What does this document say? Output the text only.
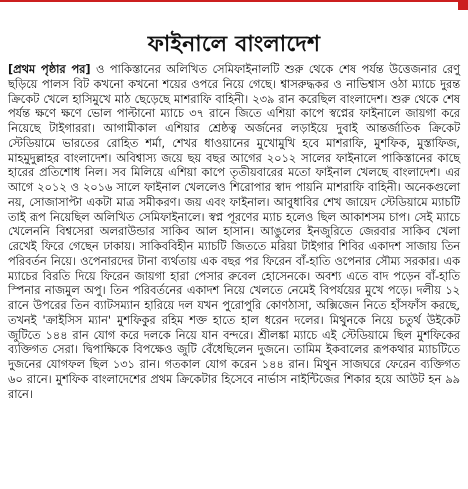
ফাইনালে বাংলাদেশ

[প্রথম পৃষ্ঠার পর] ও পাকিস্তানের অলিখিত সেমিফাইনালটি শুরু থেকে শেষ পর্যন্ত উত্তেজনার রেণু ছড়িয়ে পালস বিট কখনো কখনো শয়ের ওপরে নিয়ে গেছে। শ্বাসরুদ্ধকর ও নাভিশ্বাস ওঠা ম্যাচে দুরন্ত ক্রিকেট খেলে হাসিমুখে মাঠ ছেড়েছে মাশরাফি বাহিনী। ২৩৯ রান করেছিল বাংলাদেশ। শুরু থেকে শেষ পর্যন্ত ক্ষণে ক্ষণে ভোল পাল্টানো ম্যাচে ৩৭ রানে জিতে এশিয়া কাপে স্বপ্নের ফাইনালে জায়গা করে নিয়েছে টাইগাররা। আগামীকাল এশিয়ার শ্রেষ্ঠত্ব অর্জনের লড়াইয়ে দুবাই আন্তর্জাতিক ক্রিকেট স্টেডিয়ামে ভারতের রোহিত শর্মা, শেখর ধাওয়ানের মুখোমুখি হবে মাশরাফি, মুশফিক, মুস্তাফিজ, মাহমুদুল্লাহর বাংলাদেশ। অবিশ্বাস্য জয়ে ছয় বছর আগের ২০১২ সালের ফাইনালে পাকিস্তানের কাছে হারের প্রতিশোধ নিল। সব মিলিয়ে এশিয়া কাপে তৃতীয়বারের মতো ফাইনাল খেলছে বাংলাদেশ। এর আগে ২০১২ ও ২০১৬ সালে ফাইনাল খেললেও শিরোপার স্বাদ পায়নি মাশরাফি বাহিনী। অনেকগুলো নয়, সোজাসাপ্টা একটা মাত্র সমীকরণ। জয় এবং ফাইনাল। আবুধাবির শেখ জায়েদ স্টেডিয়ামে ম্যাচটি তাই রূপ নিয়েছিল অলিখিত সেমিফাইনালে। স্বপ্ন পূরণের ম্যাচ হলেও ছিল আকাশসম চাপ। সেই ম্যাচে খেলেননি বিশ্বসেরা অলরাউন্ডার সাকিব আল হাসান। আঙুলের ইনজুরিতে জেরবার সাকিব খেলা রেখেই ফিরে গেছেন ঢাকায়। সাকিববিহীন ম্যাচটি জিততে মরিয়া টাইগার শিবির একাদশ সাজায় তিন পরিবর্তন নিয়ে। ওপেনারদের টানা ব্যর্থতায় এক বছর পর ফিরেন বাঁ-হাতি ওপেনার সৌম্য সরকার। এক ম্যাচের বিরতি দিয়ে ফিরেন জায়গা হারা পেসার রুবেল হোসেনকে। অবশ্য এতে বাদ পড়েন বাঁ-হাতি স্পিনার নাজমুল অপু। তিন পরিবর্তনের একাদশ নিয়ে খেলতে নেমেই বিপর্যয়ের মুখে পড়ে। দলীয় ১২ রানে উপরের তিন ব্যাটসম্যান হারিয়ে দল যখন পুরোপুরি কোণঠাসা, অক্সিজেন নিতে হাঁসফাঁস করছে, তখনই 'ক্রাইসিস ম্যান' মুশফিকুর রহিম শক্ত হাতে হাল ধরেন দলের। মিথুনকে নিয়ে চতুর্থ উইকেট জুটিতে ১৪৪ রান যোগ করে দলকে নিয়ে যান বন্দরে। শ্রীলঙ্কা ম্যাচে এই স্টেডিয়ামে ছিল মুশফিকের ব্যক্তিগত সেরা। দ্বিপাক্ষিকে বিপক্ষেও জুটি বেঁধেছিলেন দুজনে। তামিম ইকবালের রূপকথার ম্যাচটিতে দুজনের যোগফল ছিল ১৩১ রান। গতকাল যোগ করেন ১৪৪ রান। মিথুন সাজঘরে ফেরেন ব্যক্তিগত ৬০ রানে। মুশফিক বাংলাদেশের প্রথম ক্রিকেটার হিসেবে নার্ভাস নাইন্টিজের শিকার হয়ে আউট হন ৯৯ রানে।
